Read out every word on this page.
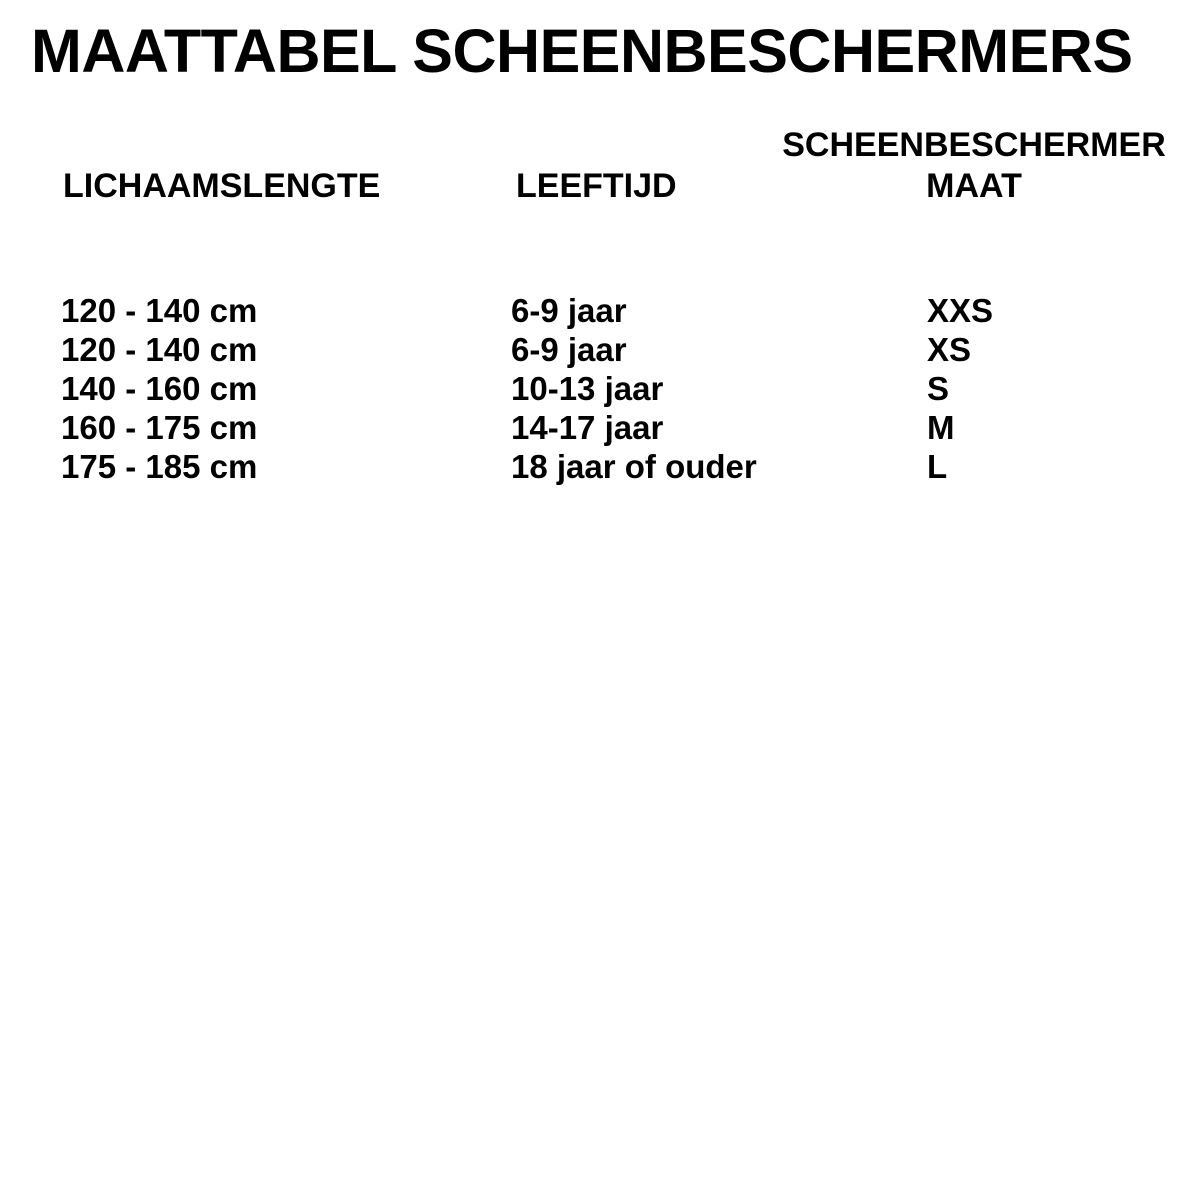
MAATTABEL SCHEENBESCHERMERS
LICHAAMSLENGTE	LEEFTIJD
SCHEENBESCHERMER
MAAT
120 - 140 cm	6-9 jaar	XXS
120 - 140 cm	6-9 jaar	XS
140 - 160 cm	10-13 jaar	S
160 - 175 cm	14-17 jaar	M
175 - 185 cm	18 jaar of ouder	L
